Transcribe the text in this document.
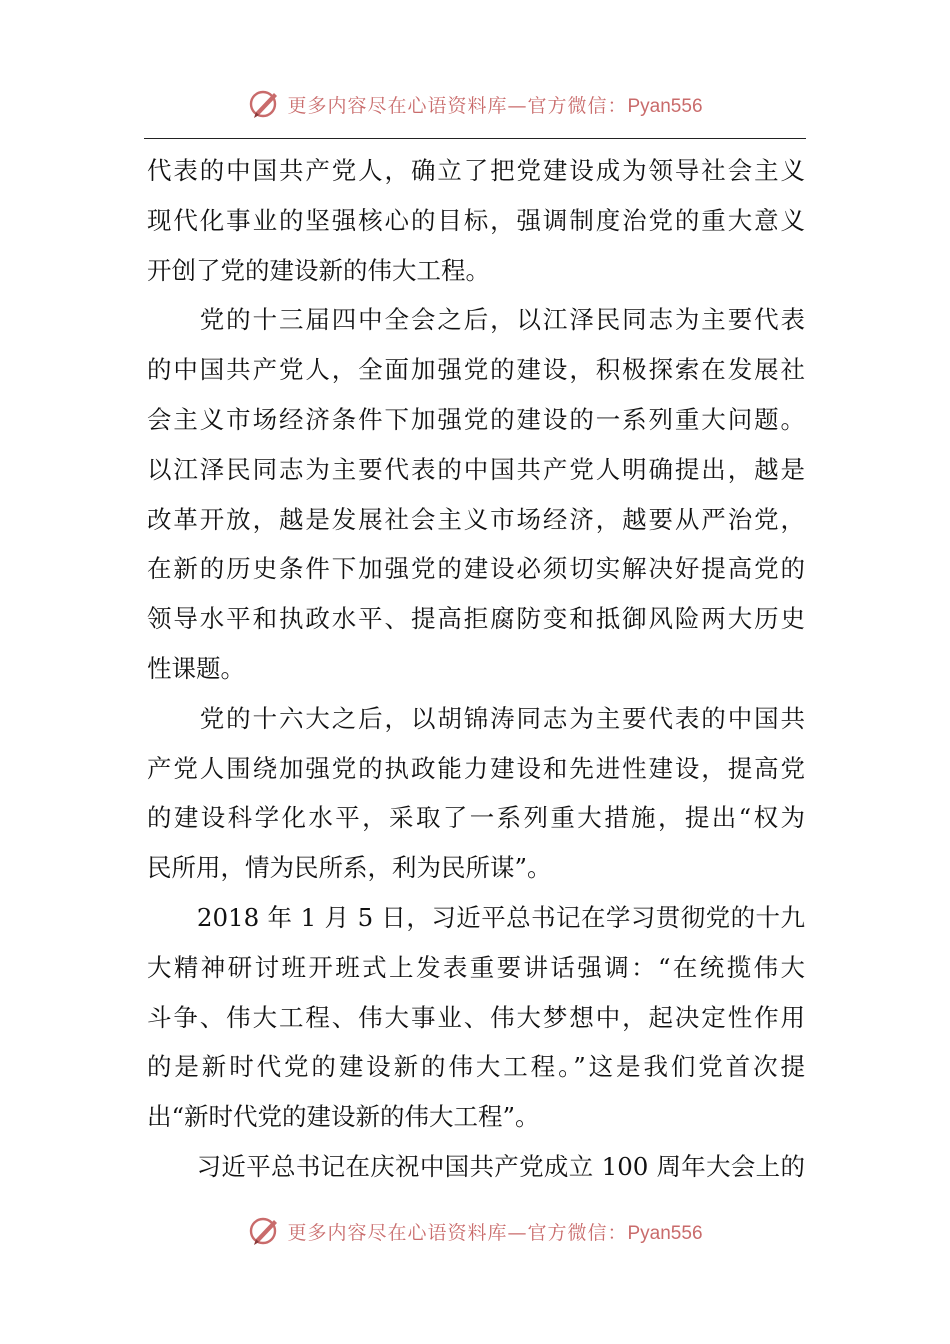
更多内容尽在心语资料库—官方微信：Pyan556
代表的中国共产党人，确立了把党建设成为领导社会主义
现代化事业的坚强核心的目标，强调制度治党的重大意义
开创了党的建设新的伟大工程。
　　党的十三届四中全会之后，以江泽民同志为主要代表
的中国共产党人，全面加强党的建设，积极探索在发展社
会主义市场经济条件下加强党的建设的一系列重大问题。
以江泽民同志为主要代表的中国共产党人明确提出，越是
改革开放，越是发展社会主义市场经济，越要从严治党，
在新的历史条件下加强党的建设必须切实解决好提高党的
领导水平和执政水平、提高拒腐防变和抵御风险两大历史
性课题。
　　党的十六大之后，以胡锦涛同志为主要代表的中国共
产党人围绕加强党的执政能力建设和先进性建设，提高党
的建设科学化水平，采取了一系列重大措施，提出“权为
民所用，情为民所系，利为民所谋”。
　　2018 年 1 月 5 日，习近平总书记在学习贯彻党的十九
大精神研讨班开班式上发表重要讲话强调：“在统揽伟大
斗争、伟大工程、伟大事业、伟大梦想中，起决定性作用
的是新时代党的建设新的伟大工程。”这是我们党首次提
出“新时代党的建设新的伟大工程”。
　　习近平总书记在庆祝中国共产党成立 100 周年大会上的
更多内容尽在心语资料库—官方微信：Pyan556
